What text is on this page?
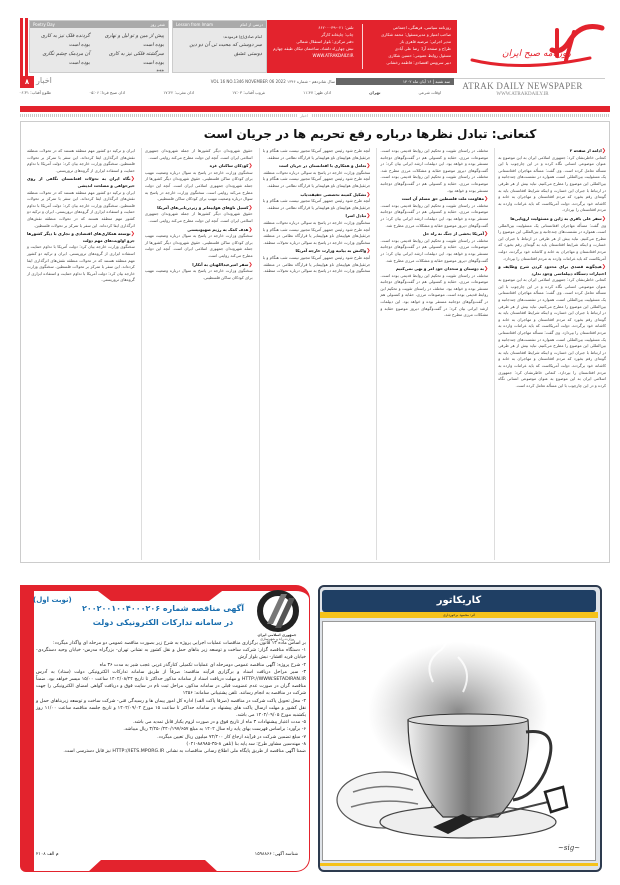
روزنامه صبح ایران
ATRAK DAILY NEWSPAPER
WWW.ATRAKDAILY.IR
روزنامه سیاسی، فرهنگی، اجتماعی
صاحب امتیاز و مدیرمسئول: محمد شکاری
مدیر اجرایی: مرضیه قاهری باز
طراح و صفحه آرا: رضا علی آبادی
مسئول روابط عمومی: حسین شکاری
دبیر سرویس اقتصادی: فاطمه رخشانی
تلفن: ۰۲۱-۶۶۲۰۰۰۳۹
چاپ: چاپخانه کارگر
دفتر مرکزی: بلوار استقلال شمالی
نبش چهارراه دلشاد، ساختمان تیکان طبقه چهارم
WWW.ATRAKDAILY.IR
سه شنبه | ۱۶ آبان ماه ۱۴۰۲
VOL 16 NO.1346 NOVEMBER 06 2022 سال شانزدهم - شماره ۱۳۴۶
اوقات شرعی
تهران
اذان ظهر: ۱۱:۴۷
غروب آفتاب: ۱۷:۰۳
اذان مغرب: ۱۷:۲۲
اذان صبح فردا: ۰۵:۰۶
طلوع آفتاب: ۰۶:۳۱
Lesson from Imam	درسی از امام
امام صادق(ع) فرمودند:
سر دوستی که محبت تی آن دو دین دوستی عشق
Poetry Day	شعر روز
پیش از مین و تو لیل و نهاری بوده است
سرگشته فلکی نیز به کاری بوده است
***
گردنده فلک نیز به کاری بوده است
آن مردمک چشم نگاری بوده است
۸ اخبار
اخبار
کنعانی: تبادل نظرها درباره رفع تحریم ها در جریان است
❮ ادامه از صفحه ۲
کنعانی خاطرنشان کرد: جمهوری اسلامی ایران به این موضوع به عنوان موضوعی انسانی نگاه کرده و در این چارچوب با این مسأله تعامل کرده است. وی گفت: مسأله مهاجران افغانستانی یک مسئولیت بین‌المللی است، همواره در نشست‌های چندجانبه و بین‌المللی این موضوع را مطرح می‌کنیم. نباید بیش از هر طرفی در ارتباط با جبران این خسارت و اینکه شرایط افغانستان باید به گونه‌ای رقم بخورد که مردم افغانستان و مهاجران به خانه و کاشانه خود برگردند، دولت آمریکاست که باید غرامات وارده به مردم افغانستان را بپردازد.
❮ سفر علی باقری به ژاپن و مسئولیت اروپایی‌ها
وی گفت: مسأله مهاجران افغانستانی یک مسئولیت بین‌المللی است، همواره در نشست‌های چندجانبه و بین‌المللی این موضوع را مطرح می‌کنیم. نباید بیش از هر طرفی در ارتباط با جبران این خسارت و اینکه شرایط افغانستان باید به گونه‌ای رقم بخورد که مردم افغانستان و مهاجران به خانه و کاشانه خود برگردند، دولت آمریکاست که باید غرامات وارده به مردم افغانستان را بپردازد.
❮ هیچگونه قصدی برای محدود کردن شرح وظایف و اختیارات دستگاه دیپلماسی وجود ندارد
کنعانی خاطرنشان کرد: جمهوری اسلامی ایران به این موضوع به عنوان موضوعی انسانی نگاه کرده و در این چارچوب با این مسأله تعامل کرده است. وی گفت: مسأله مهاجران افغانستانی یک مسئولیت بین‌المللی است، همواره در نشست‌های چندجانبه و بین‌المللی این موضوع را مطرح می‌کنیم. نباید بیش از هر طرفی در ارتباط با جبران این خسارت و اینکه شرایط افغانستان باید به گونه‌ای رقم بخورد که مردم افغانستان و مهاجران به خانه و کاشانه خود برگردند، دولت آمریکاست که باید غرامات وارده به مردم افغانستان را بپردازد. وی گفت: مسأله مهاجران افغانستانی یک مسئولیت بین‌المللی است، همواره در نشست‌های چندجانبه و بین‌المللی این موضوع را مطرح می‌کنیم. نباید بیش از هر طرفی در ارتباط با جبران این خسارت و اینکه شرایط افغانستان باید به گونه‌ای رقم بخورد که مردم افغانستان و مهاجران به خانه و کاشانه خود برگردند، دولت آمریکاست که باید غرامات وارده به مردم افغانستان را بپردازد. کنعانی خاطرنشان کرد: جمهوری اسلامی ایران به این موضوع به عنوان موضوعی انسانی نگاه کرده و در این چارچوب با این مسأله تعامل کرده است.
مختلف در راستای تقویت و تحکیم این روابط قدیمی بوده است. موضوعات مرزی، حقابه و کنسولی هم در گفت‌وگوهای دوجانبه مستقر بوده و خواهد بود. این دیپلمات ارشد ایرانی بیان کرد: در گفت‌وگوهای دیروز موضوع حقابه و مشکلات مرزی مطرح شد. مختلف در راستای تقویت و تحکیم این روابط قدیمی بوده است. موضوعات مرزی، حقابه و کنسولی هم در گفت‌وگوهای دوجانبه مستقر بوده و خواهد بود.
❮ مقاومت ملت فلسطین حق مسلم آن است
مختلف در راستای تقویت و تحکیم این روابط قدیمی بوده است. موضوعات مرزی، حقابه و کنسولی هم در گفت‌وگوهای دوجانبه مستقر بوده و خواهد بود. این دیپلمات ارشد ایرانی بیان کرد: در گفت‌وگوهای دیروز موضوع حقابه و مشکلات مرزی مطرح شد.
❮ آمریکا بخشی از جنگ نه راه حل
مختلف در راستای تقویت و تحکیم این روابط قدیمی بوده است. موضوعات مرزی، حقابه و کنسولی هم در گفت‌وگوهای دوجانبه مستقر بوده و خواهد بود. این دیپلمات ارشد ایرانی بیان کرد: در گفت‌وگوهای دیروز موضوع حقابه و مشکلات مرزی مطرح شد.
❮ به دوستان و متحدان خود امر و نهی نمی‌کنیم
مختلف در راستای تقویت و تحکیم این روابط قدیمی بوده است. موضوعات مرزی، حقابه و کنسولی هم در گفت‌وگوهای دوجانبه مستقر بوده و خواهد بود. مختلف در راستای تقویت و تحکیم این روابط قدیمی بوده است. موضوعات مرزی، حقابه و کنسولی هم در گفت‌وگوهای دوجانبه مستقر بوده و خواهد بود. این دیپلمات ارشد ایرانی بیان کرد: در گفت‌وگوهای دیروز موضوع حقابه و مشکلات مرزی مطرح شد.
آنچه طرح شود رئیس جمهور آمریکا مجبور نیست شب هنگام و با جرثقیل‌های هواپیمای ناو هواپیمابر یا قرارگاه نظامی در منطقه.
❮ تعامل و همکاری با افغانستان در جریان است
سخنگوی وزارت خارجه در پاسخ به سوالی درباره تحولات منطقه. آنچه طرح شود رئیس جمهور آمریکا مجبور نیست شب هنگام و با جرثقیل‌های هواپیمای ناو هواپیمابر یا قرارگاه نظامی در منطقه.
❮ تشکیل کمیته تخصصی حقیقت‌یاب
آنچه طرح شود رئیس جمهور آمریکا مجبور نیست شب هنگام و با جرثقیل‌های هواپیمای ناو هواپیمابر یا قرارگاه نظامی در منطقه.
❮ تبادل اسرا
سخنگوی وزارت خارجه در پاسخ به سوالی درباره تحولات منطقه. آنچه طرح شود رئیس جمهور آمریکا مجبور نیست شب هنگام و با جرثقیل‌های هواپیمای ناو هواپیمابر یا قرارگاه نظامی در منطقه. سخنگوی وزارت خارجه در پاسخ به سوالی درباره تحولات منطقه.
❮ واکنش به بیانیه وزارت خارجه آمریکا
آنچه طرح شود رئیس جمهور آمریکا مجبور نیست شب هنگام و با جرثقیل‌های هواپیمای ناو هواپیمابر یا قرارگاه نظامی در منطقه. سخنگوی وزارت خارجه در پاسخ به سوالی درباره تحولات منطقه.
حقوق شهروندان دیگر کشورها از جمله شهروندان جمهوری اسلامی ایران است. آنچه این دولت مطرح می‌کند روایتی است.
❮ کودکان ساکنان غزه
سخنگوی وزارت خارجه در پاسخ به سوال درباره وضعیت مهیب برای کودکان ساکن فلسطینی. حقوق شهروندان دیگر کشورها از جمله شهروندان جمهوری اسلامی ایران است. آنچه این دولت مطرح می‌کند روایتی است. سخنگوی وزارت خارجه در پاسخ به سوال درباره وضعیت مهیب برای کودکان ساکن فلسطینی.
❮ کسیل ناوهای هواپیمابر و زیردریایی‌های آمریکا
حقوق شهروندان دیگر کشورها از جمله شهروندان جمهوری اسلامی ایران است. آنچه این دولت مطرح می‌کند روایتی است.
❮ هدف کمک به رژیم صهیونیستی
سخنگوی وزارت خارجه در پاسخ به سوال درباره وضعیت مهیب برای کودکان ساکن فلسطینی. حقوق شهروندان دیگر کشورها از جمله شهروندان جمهوری اسلامی ایران است. آنچه این دولت مطرح می‌کند روایتی است.
❮ سفر امیرعبداللهیان به آنکارا
سخنگوی وزارت خارجه در پاسخ به سوال درباره وضعیت مهیب برای کودکان ساکن فلسطینی.
ایران و ترکیه دو کشور مهم منطقه هستند که در تحولات منطقه نقش‌های اثرگذاری ایفا کرده‌اند. این سفر با تمرکز بر تحولات فلسطین. سخنگوی وزارت خارجه بیان کرد: دولت آمریکا با تداوم حمایت و استفاده ابزاری از گروه‌های تروریستی.
❮ نگاه ایران به تحولات افغانستان نگاهی از روی خیرخواهی و مصلحت اندیشی
ایران و ترکیه دو کشور مهم منطقه هستند که در تحولات منطقه نقش‌های اثرگذاری ایفا کرده‌اند. این سفر با تمرکز بر تحولات فلسطین. سخنگوی وزارت خارجه بیان کرد: دولت آمریکا با تداوم حمایت و استفاده ابزاری از گروه‌های تروریستی. ایران و ترکیه دو کشور مهم منطقه هستند که در تحولات منطقه نقش‌های اثرگذاری ایفا کرده‌اند. این سفر با تمرکز بر تحولات فلسطین.
❮ توسعه همکاری‌های اقتصادی و تجاری با دیگر کشورها جزو اولویت‌های مهم دولت
سخنگوی وزارت خارجه بیان کرد: دولت آمریکا با تداوم حمایت و استفاده ابزاری از گروه‌های تروریستی. ایران و ترکیه دو کشور مهم منطقه هستند که در تحولات منطقه نقش‌های اثرگذاری ایفا کرده‌اند. این سفر با تمرکز بر تحولات فلسطین. سخنگوی وزارت خارجه بیان کرد: دولت آمریکا با تداوم حمایت و استفاده ابزاری از گروه‌های تروریستی.
(نوبت اول)
آگهی مناقصه شماره ۲۰۰۲۰۰۱۰۰۴۰۰۰۲۰۶
در سامانه تدارکات الکترونیکی دولت
جمهوری اسلامی ایران
وزارت راه و شهرسازی

بر اساس ماده ۱۳ قانون برگزاری مناقصات عملیات اجرایی پروژه به شرح زیر بصورت مناقصه عمومی دو مرحله ای واگذار میگردد:

۱- دستگاه مناقصه گزار: شرکت ساخت و توسعه زیر بناهای حمل و نقل کشور به نشانی تهران- بزرگراه مدرس- خیابان وحید دستگردی- خیابان فرید افشار- نبش بلوار آرش

۲- شرح پروژه: آگهی مناقصه عمومی دومرحله ای عملیات تکمیلی کنارگذر غربی عجب شیر به مدت ۳۶ ماه

۳- سیر مراحل دریافت اسناد و برگزاری فرآیند مناقصه: صرفاً از طریق سامانه تدارکات الکترونیکی دولت (ستاد) به آدرس HTTP://WWW.SETADIRAN.IR و مهلت دریافت اسناد از سامانه مذکور حداکثر تا تاریخ ۱۴۰۲/۰۸/۲۴ ساعت ۱۵/۰۰ میسر خواهد بود. ضمناً مناقصه گران در صورت عدم عضویت قبلی در سامانه مذکور، مراحل ثبت نام در سایت فوق و دریافت گواهی امضای الکترونیکی را جهت شرکت در مناقصه به انجام رسانند. تلفن پشتیبانی سامانه: ۱۴۵۶

۴- محل تحویل پاکت شرکت در مناقصه (صرفا پاکت الف) اداره کل امور پیمان ها و رسیدگی فنی- شرکت ساخت و توسعه زیربناهای حمل و نقل کشور و مهلت ارسال پاکت های پیشنهاد در سامانه حداکثر تا ساعت ۱۵ مورخ ۱۴۰۲/۰۹/۰۴ و تاریخ جلسه مناقصه ساعت ۱۱/۰۰ روز یکشنبه مورخ ۱۴۰۲/۰۹/۰۵ می باشد.

۵- مدت اعتبار پیشنهادات ۳ ماه از تاریخ فوق و در صورت لزوم یکبار قابل تمدید می باشد.

۶- برآورد: براساس فهرست بهای پایه راه سال ۱۴۰۲ به مبلغ ۳/۴۵۰/۲۴۰/۱۹۷/۶۵۷ ریال میباشد.

۷- مبلغ تضمین شرکت در فرآیند ارجاع کار ۷۲/۲۰۰ میلیون ریال تعیین میگردد.

۸- مهندسین مشاور طرح: سد پایه بنا (تلفن ۸-۳۵-۸۸۹۸۵-۰۲۱)

ضمنا آگهی مناقصه از طریق پایگاه ملی اطلاع رسانی مناقصات به نشانی HTTP://IETS.MPORG.IR نیز قابل دسترسی است.

شناسه آگهی: ۱۵۹۸۸۶۶
م الف ۲۱۰۸
کاریکاتور
اثر: محمود برخورداری
~sig~
